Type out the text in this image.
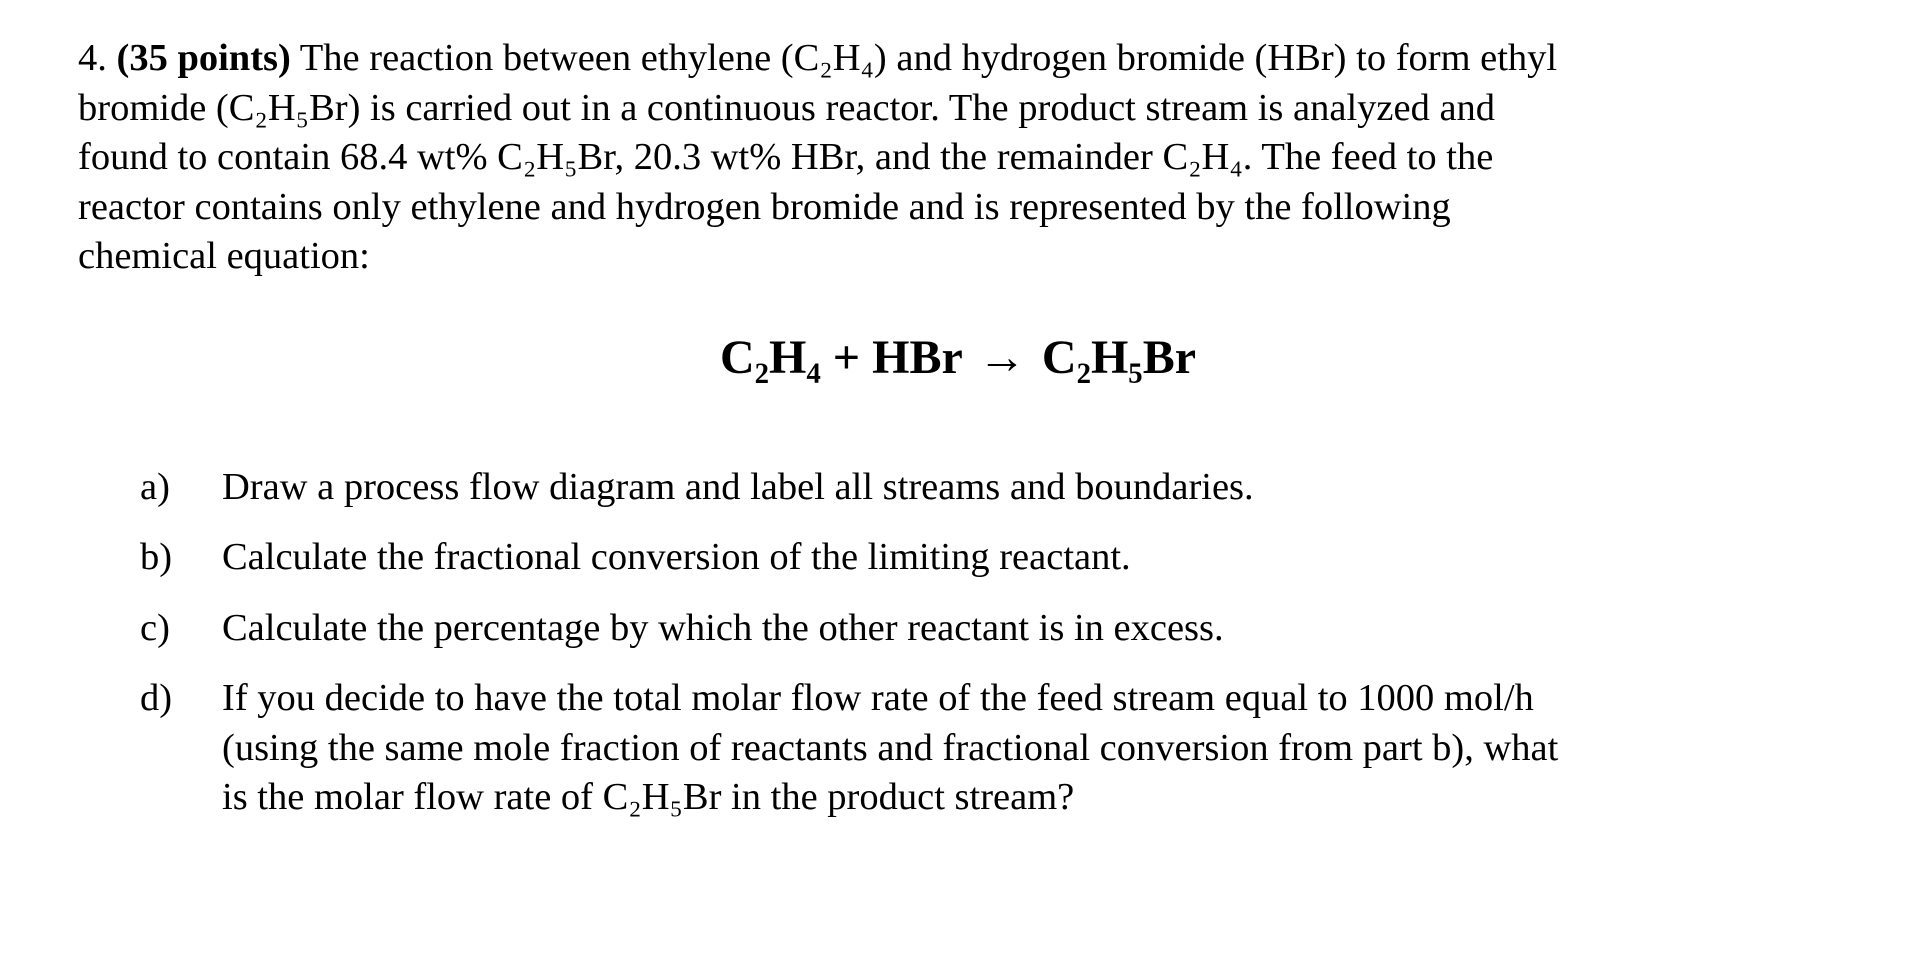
4. (35 points) The reaction between ethylene (C₂H₄) and hydrogen bromide (HBr) to form ethyl
bromide (C₂H₅Br) is carried out in a continuous reactor. The product stream is analyzed and
found to contain 68.4 wt% C₂H₅Br, 20.3 wt% HBr, and the remainder C₂H₄. The feed to the
reactor contains only ethylene and hydrogen bromide and is represented by the following
chemical equation:
C₂H₄ + HBr → C₂H₅Br
a) Draw a process flow diagram and label all streams and boundaries.
b) Calculate the fractional conversion of the limiting reactant.
c) Calculate the percentage by which the other reactant is in excess.
d) If you decide to have the total molar flow rate of the feed stream equal to 1000 mol/h
(using the same mole fraction of reactants and fractional conversion from part b), what
is the molar flow rate of C₂H₅Br in the product stream?
